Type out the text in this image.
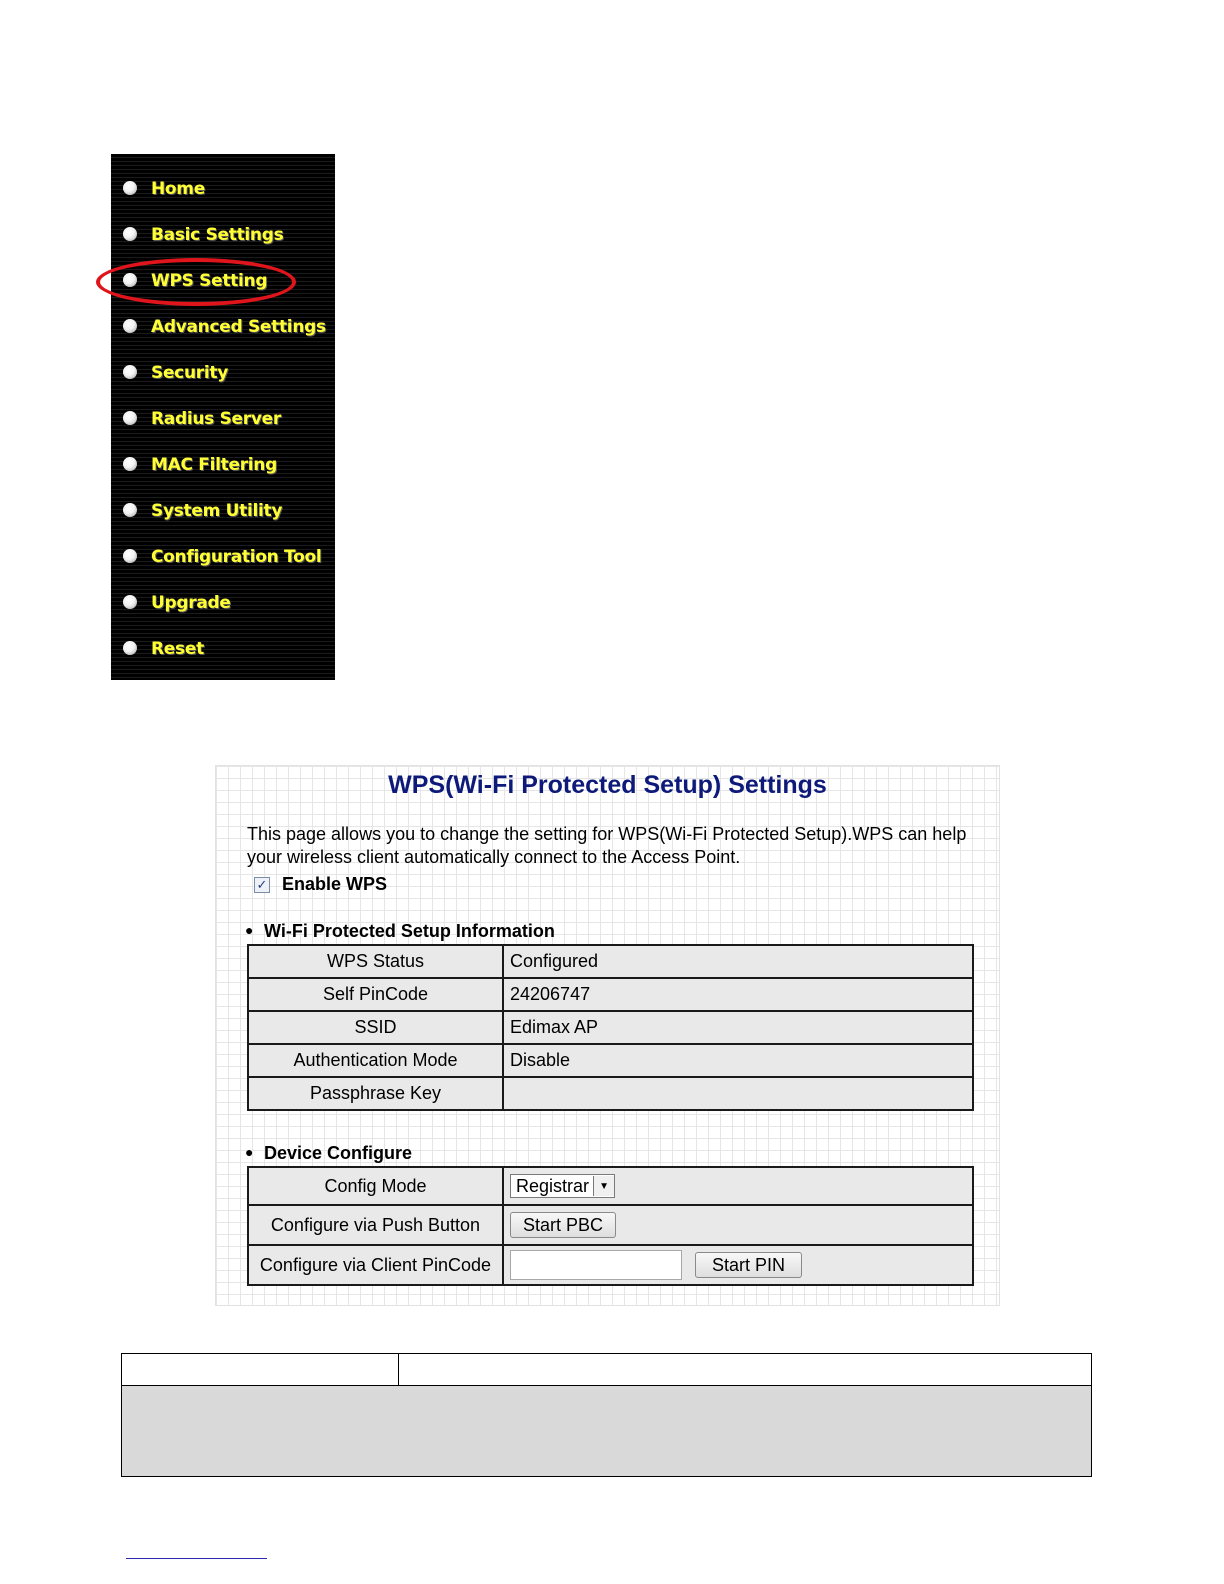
Home
Basic Settings
WPS Setting
Advanced Settings
Security
Radius Server
MAC Filtering
System Utility
Configuration Tool
Upgrade
Reset
WPS(Wi-Fi Protected Setup) Settings
This page allows you to change the setting for WPS(Wi-Fi Protected Setup).WPS can help your wireless client automatically connect to the Access Point.
✓ Enable WPS
● Wi-Fi Protected Setup Information
WPS Status	Configured
Self PinCode	24206747
SSID	Edimax AP
Authentication Mode	Disable
Passphrase Key	
● Device Configure
Config Mode	Registrar ▼

Configure via Push Button	Start PBC
Configure via Client PinCode	Start PIN
